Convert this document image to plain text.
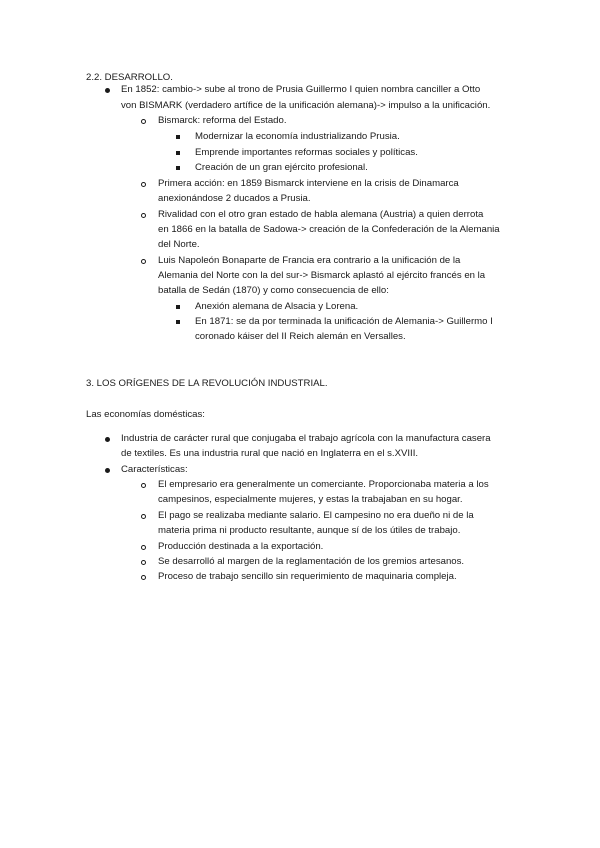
2.2. DESARROLLO.
En 1852: cambio-> sube al trono de Prusia Guillermo I quien nombra canciller a Otto
von BISMARK (verdadero artífice de la unificación alemana)-> impulso a la unificación.
Bismarck: reforma del Estado.
Modernizar la economía industrializando Prusia.
Emprende importantes reformas sociales y políticas.
Creación de un gran ejército profesional.
Primera acción: en 1859 Bismarck interviene en la crisis de Dinamarca
anexionándose 2 ducados a Prusia.
Rivalidad con el otro gran estado de habla alemana (Austria) a quien derrota
en 1866 en la batalla de Sadowa-> creación de la Confederación de la Alemania
del Norte.
Luis Napoleón Bonaparte de Francia era contrario a la unificación de la
Alemania del Norte con la del sur-> Bismarck aplastó al ejército francés en la
batalla de Sedán (1870) y como consecuencia de ello:
Anexión alemana de Alsacia y Lorena.
En 1871: se da por terminada la unificación de Alemania-> Guillermo I
coronado káiser del II Reich alemán en Versalles.
3. LOS ORÍGENES DE LA REVOLUCIÓN INDUSTRIAL.
Las economías domésticas:
Industria de carácter rural que conjugaba el trabajo agrícola con la manufactura casera
de textiles. Es una industria rural que nació en Inglaterra en el s.XVIII.
Características:
El empresario era generalmente un comerciante. Proporcionaba materia a los
campesinos, especialmente mujeres, y estas la trabajaban en su hogar.
El pago se realizaba mediante salario. El campesino no era dueño ni de la
materia prima ni producto resultante, aunque sí de los útiles de trabajo.
Producción destinada a la exportación.
Se desarrolló al margen de la reglamentación de los gremios artesanos.
Proceso de trabajo sencillo sin requerimiento de maquinaria compleja.
